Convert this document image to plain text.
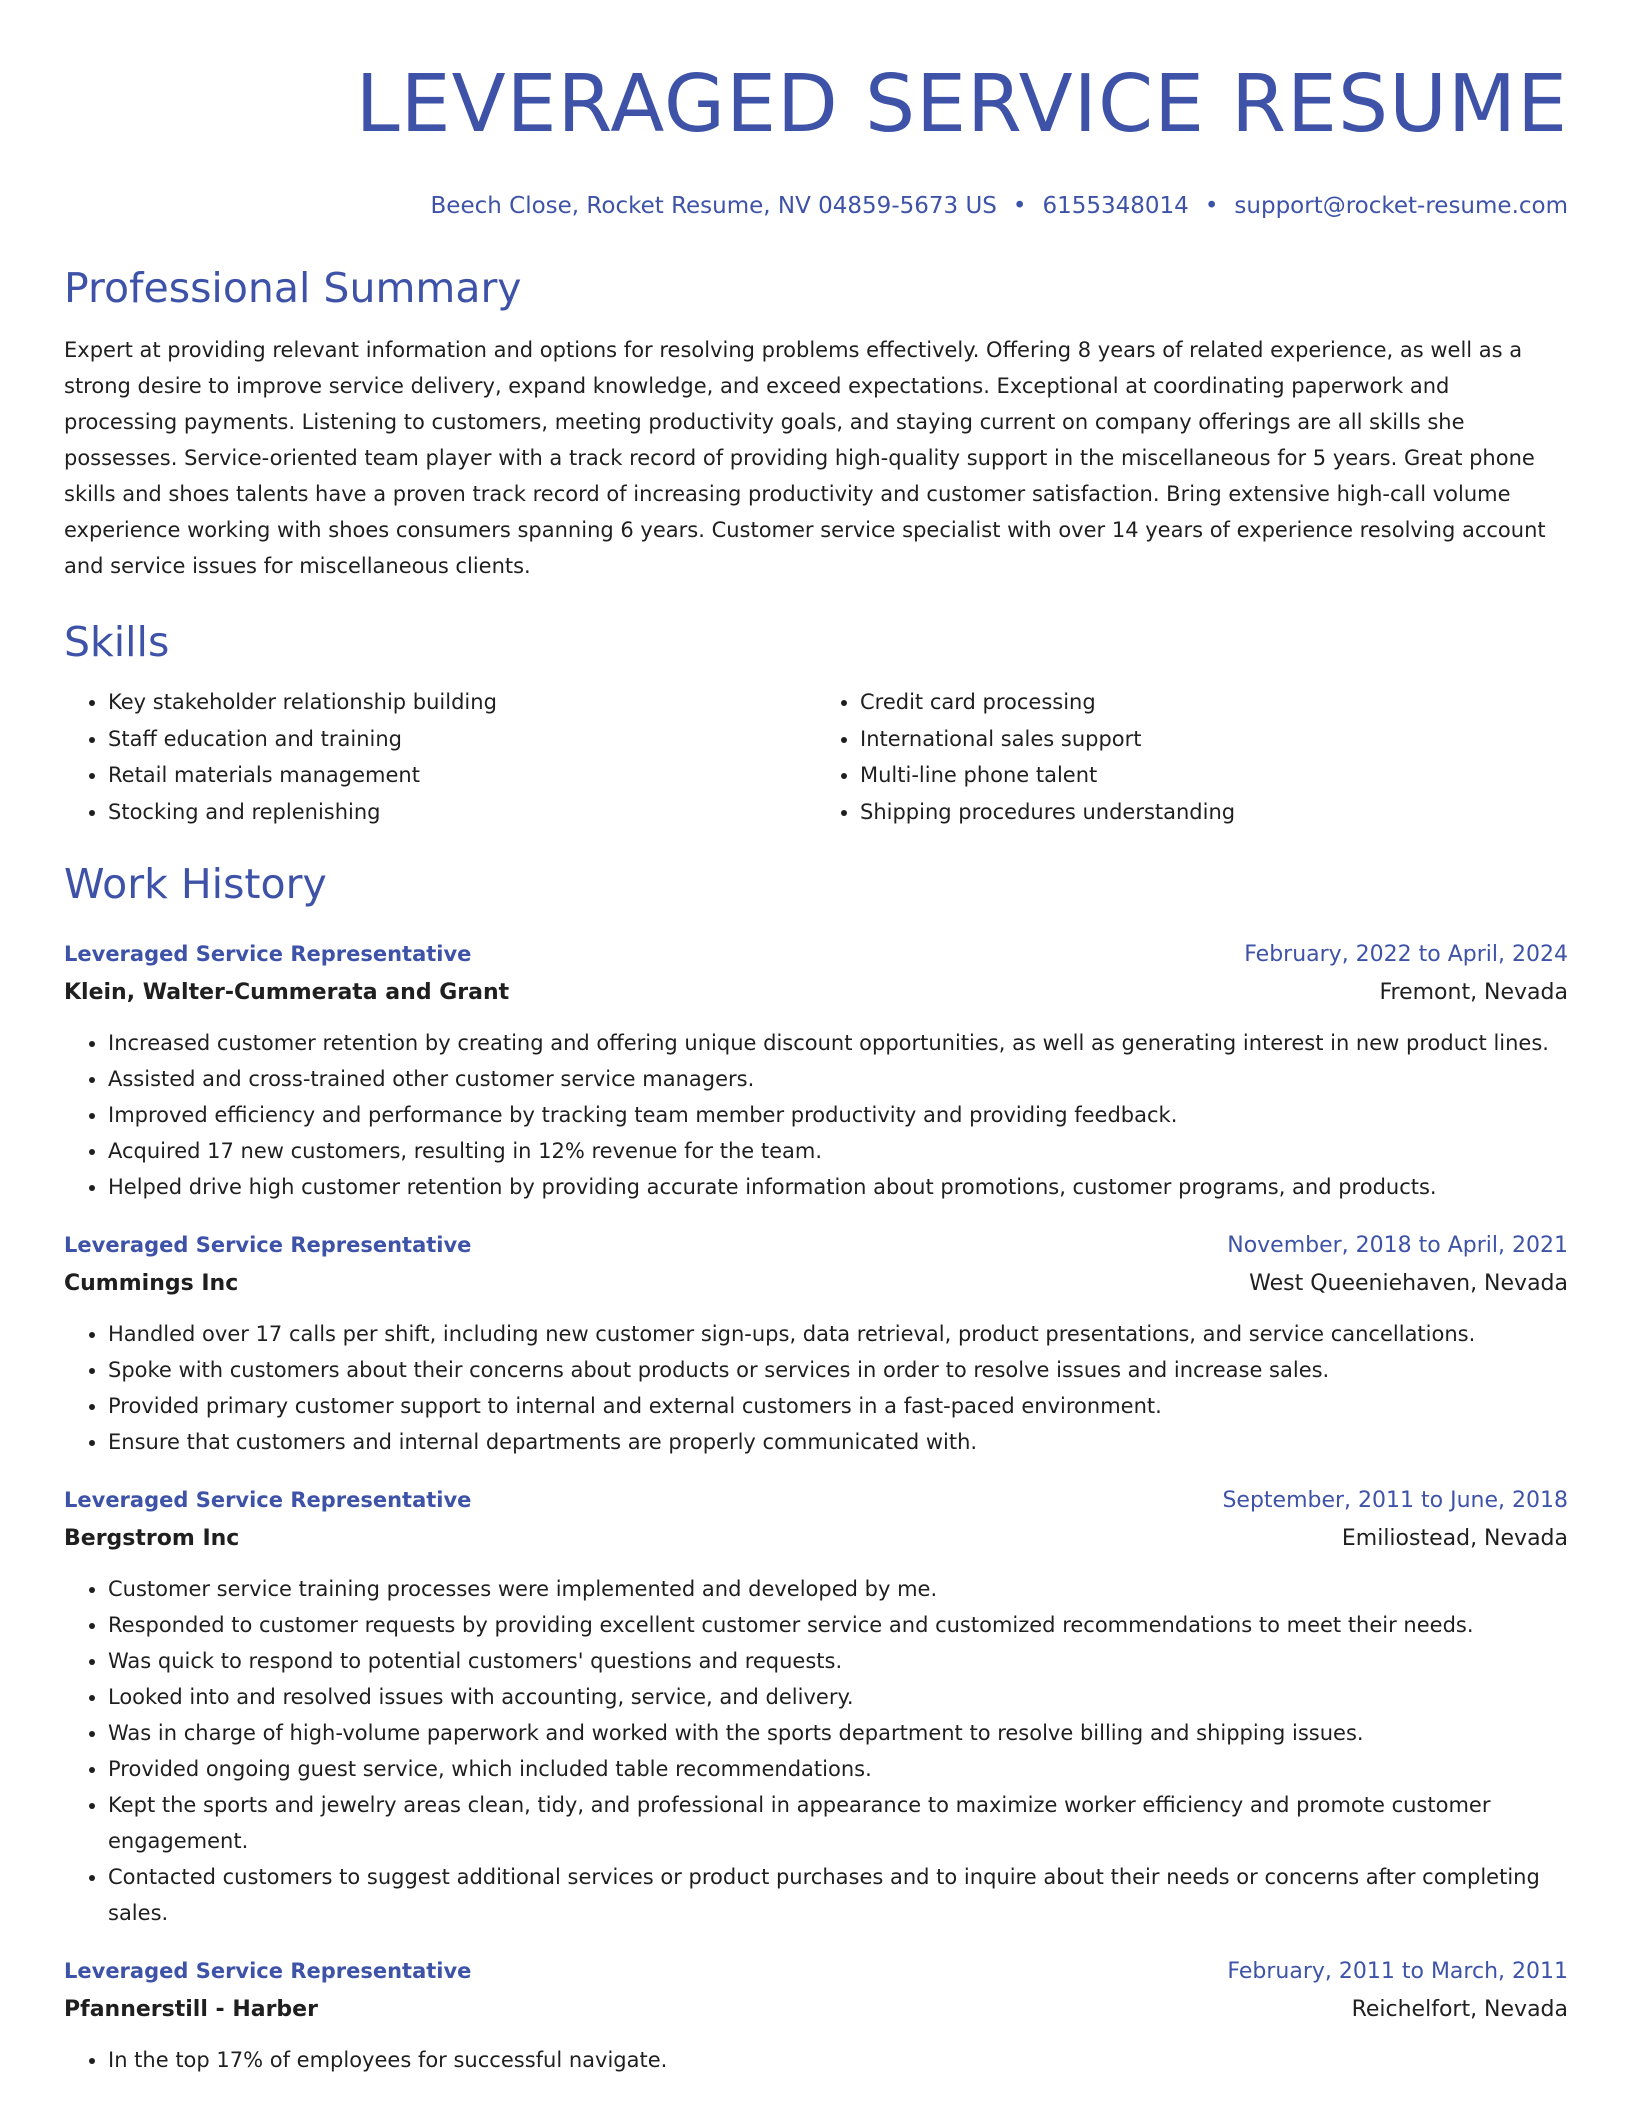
LEVERAGED SERVICE RESUME
Beech Close, Rocket Resume, NV 04859-5673 US • 6155348014 • support@rocket-resume.com
Professional Summary

Expert at providing relevant information and options for resolving problems effectively. Offering 8 years of related experience, as well as a strong desire to improve service delivery, expand knowledge, and exceed expectations. Exceptional at coordinating paperwork and processing payments. Listening to customers, meeting productivity goals, and staying current on company offerings are all skills she possesses. Service-oriented team player with a track record of providing high-quality support in the miscellaneous for 5 years. Great phone skills and shoes talents have a proven track record of increasing productivity and customer satisfaction. Bring extensive high-call volume experience working with shoes consumers spanning 6 years. Customer service specialist with over 14 years of experience resolving account and service issues for miscellaneous clients.

Skills
• Key stakeholder relationship building
• Staff education and training
• Retail materials management
• Stocking and replenishing
• Credit card processing
• International sales support
• Multi-line phone talent
• Shipping procedures understanding
Work History
Leveraged Service Representative	February, 2022 to April, 2024
Klein, Walter-Cummerata and Grant	Fremont, Nevada
• Increased customer retention by creating and offering unique discount opportunities, as well as generating interest in new product lines.
• Assisted and cross-trained other customer service managers.
• Improved efficiency and performance by tracking team member productivity and providing feedback.
• Acquired 17 new customers, resulting in 12% revenue for the team.
• Helped drive high customer retention by providing accurate information about promotions, customer programs, and products.
Leveraged Service Representative	November, 2018 to April, 2021
Cummings Inc	West Queeniehaven, Nevada
• Handled over 17 calls per shift, including new customer sign-ups, data retrieval, product presentations, and service cancellations.
• Spoke with customers about their concerns about products or services in order to resolve issues and increase sales.
• Provided primary customer support to internal and external customers in a fast-paced environment.
• Ensure that customers and internal departments are properly communicated with.
Leveraged Service Representative	September, 2011 to June, 2018
Bergstrom Inc	Emiliostead, Nevada
• Customer service training processes were implemented and developed by me.
• Responded to customer requests by providing excellent customer service and customized recommendations to meet their needs.
• Was quick to respond to potential customers' questions and requests.
• Looked into and resolved issues with accounting, service, and delivery.
• Was in charge of high-volume paperwork and worked with the sports department to resolve billing and shipping issues.
• Provided ongoing guest service, which included table recommendations.
• Kept the sports and jewelry areas clean, tidy, and professional in appearance to maximize worker efficiency and promote customer engagement.
• Contacted customers to suggest additional services or product purchases and to inquire about their needs or concerns after completing sales.
Leveraged Service Representative	February, 2011 to March, 2011
Pfannerstill - Harber	Reichelfort, Nevada
• In the top 17% of employees for successful navigate.
